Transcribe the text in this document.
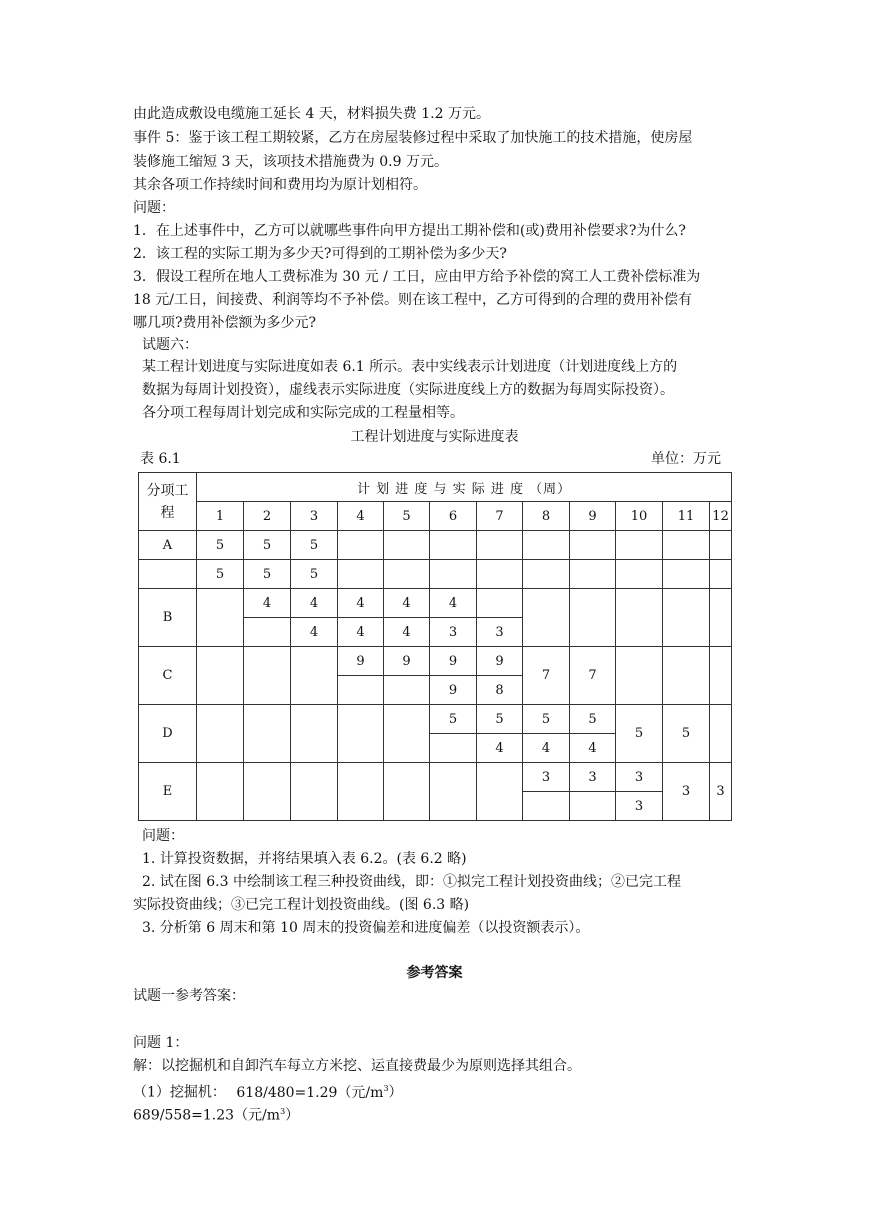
由此造成敷设电缆施工延长 4 天，材料损失费 1.2 万元。
事件 5：鉴于该工程工期较紧，乙方在房屋装修过程中采取了加快施工的技术措施，使房屋
装修施工缩短 3 天，该项技术措施费为 0.9 万元。
其余各项工作持续时间和费用均为原计划相符。
问题：
1．在上述事件中，乙方可以就哪些事件向甲方提出工期补偿和(或)费用补偿要求?为什么?
2．该工程的实际工期为多少天?可得到的工期补偿为多少天?
3．假设工程所在地人工费标准为 30 元 / 工日，应由甲方给予补偿的窝工人工费补偿标准为
18 元/工日，间接费、利润等均不予补偿。则在该工程中，乙方可得到的合理的费用补偿有
哪几项?费用补偿额为多少元?
试题六：
某工程计划进度与实际进度如表 6.1 所示。表中实线表示计划进度（计划进度线上方的
数据为每周计划投资），虚线表示实际进度（实际进度线上方的数据为每周实际投资）。
各分项工程每周计划完成和实际完成的工程量相等。
工程计划进度与实际进度表
表 6.1	单位：万元
分项工
程	计 划 进 度 与 实 际 进 度 （周）											
	1	2	3	4	5	6	7	8	9	10	11	12
A	5	5	5									
	5	5	5									
B		4	4	4	4	4						
			4	4	4	3	3					
C				9	9	9	9	7	7			
						9	8					
D						5	5	5	5	5	5	
							4	4	4			
E								3	3	3	3	3
										3		
问题：
1. 计算投资数据，并将结果填入表 6.2。(表 6.2 略)
2. 试在图 6.3 中绘制该工程三种投资曲线，即：①拟完工程计划投资曲线；②已完工程
实际投资曲线；③已完工程计划投资曲线。(图 6.3 略)
3. 分析第 6 周末和第 10 周末的投资偏差和进度偏差（以投资额表示）。
参考答案
试题一参考答案：
问题 1：
解：以挖掘机和自卸汽车每立方米挖、运直接费最少为原则选择其组合。
（1）挖掘机： 618/480=1.29（元$/m^3$）
689/558=1.23（元$/m^3$）
